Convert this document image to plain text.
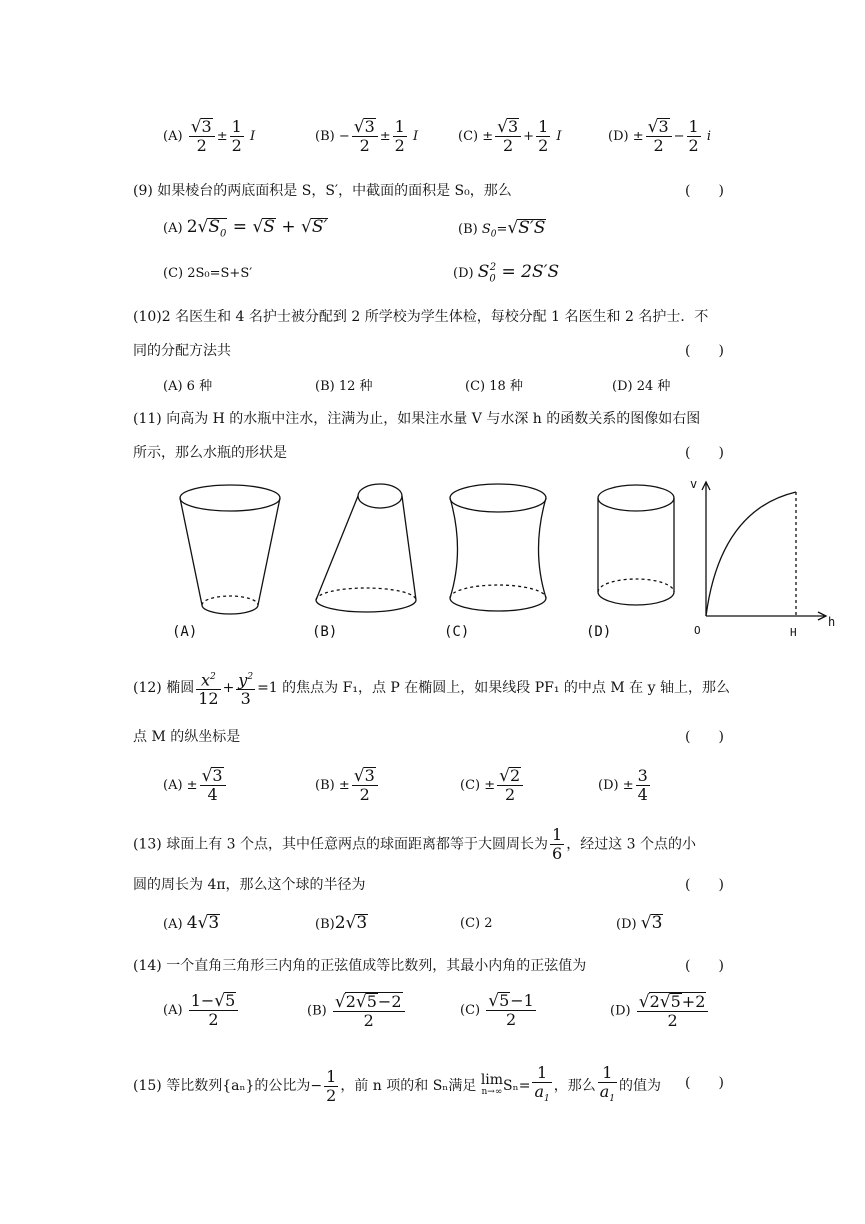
$(A) \frac{√3}{2} \pm \frac{1}{2}$ I	$(B) - \frac{√3}{2} \pm \frac{1}{2}$ I	$(C) \pm \frac{√3}{2} + \frac{1}{2}$ I	$(D) \pm \frac{√3}{2} - \frac{1}{2}$ i
(9) 如果棱台的两底面积是 S，S′，中截面的面积是 S₀，那么	(　　)
(A) $2√S_0 = √S + √S'$	(B) $S_0=√S'S$
(C) 2S₀=S+S′	(D) $S_0^2 = 2S'S$
(10)2 名医生和 4 名护士被分配到 2 所学校为学生体检，每校分配 1 名医生和 2 名护士．不
同的分配方法共	(　　)
(A) 6 种	(B) 12 种	(C) 18 种	(D) 24 种
(11) 向高为 H 的水瓶中注水，注满为止，如果注水量 V 与水深 h 的函数关系的图像如右图
所示，那么水瓶的形状是	(　　)
(A)	(B)	(C)	(D)
v
h
O	H
(12) 椭圆 $\frac{x^2}{12} + \frac{y^2}{3} =1$ 的焦点为 F₁，点 P 在椭圆上，如果线段 PF₁ 的中点 M 在 y 轴上，那么
点 M 的纵坐标是	(　　)
$(A) \pm \frac{√3}{4}$	$(B) \pm \frac{√3}{2}$	$(C) \pm \frac{√2}{2}$	$(D) \pm \frac{3}{4}$
(13) 球面上有 3 个点，其中任意两点的球面距离都等于大圆周长为 $\frac{1}{6}$ ，经过这 3 个点的小
圆的周长为 4π，那么这个球的半径为	(　　)
(A) 4√3	(B)2√3	(C) 2	(D) √3
(14) 一个直角三角形三内角的正弦值成等比数列，其最小内角的正弦值为	(　　)
$(A) \frac{1-√5}{2}$	$(B) \frac{√2√5-2}{2}$	$(C) \frac{√5-1}{2}$	$(D) \frac{√2√5+2}{2}$
(15) 等比数列{aₙ}的公比为− $\frac{1}{2}$ ，前 n 项的和 Sₙ满足 lim
n→∞ $S_n= \frac{1}{a_1}$ ，那么 $\frac{1}{a_1}$ 的值为 (　　)
